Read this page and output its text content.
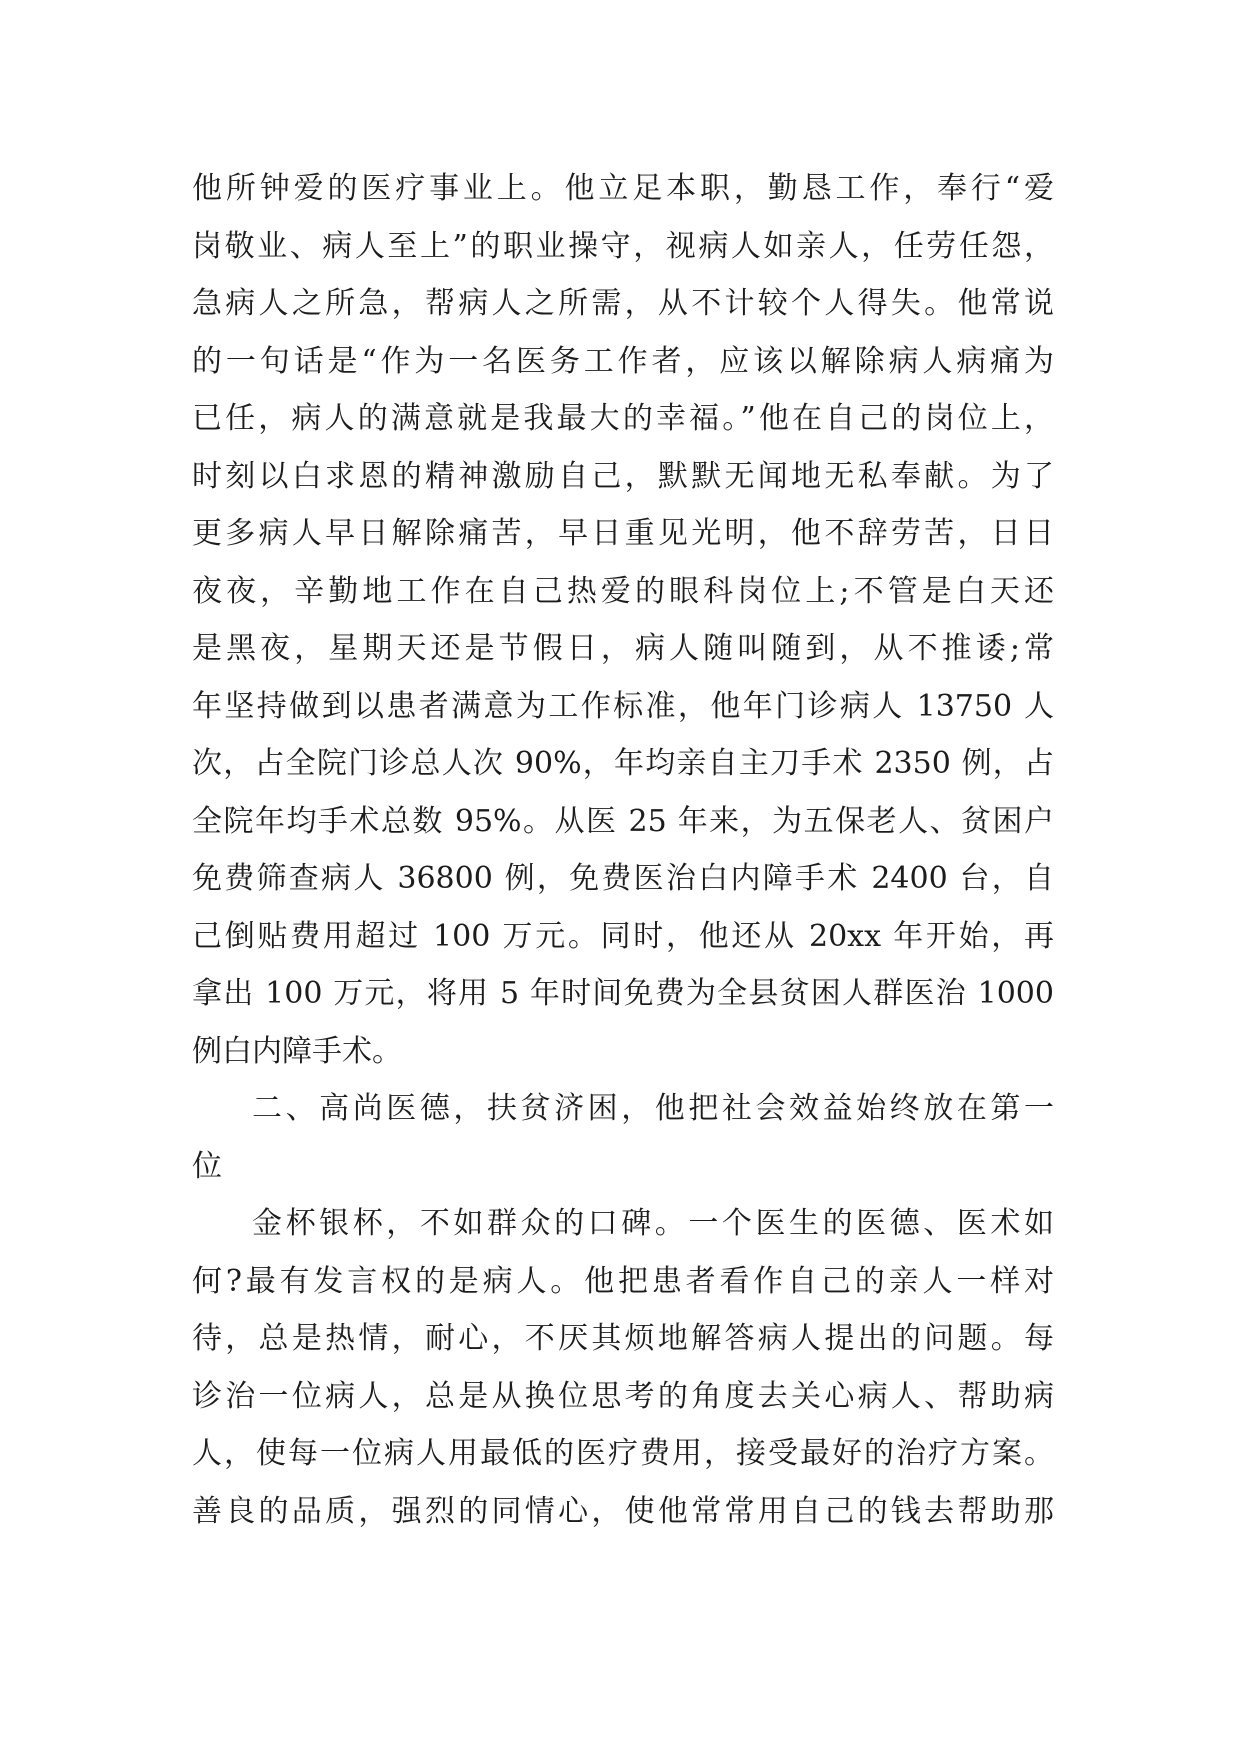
他所钟爱的医疗事业上。他立足本职，勤恳工作，奉行“爱
岗敬业、病人至上”的职业操守，视病人如亲人，任劳任怨，
急病人之所急，帮病人之所需，从不计较个人得失。他常说
的一句话是“作为一名医务工作者，应该以解除病人病痛为
已任，病人的满意就是我最大的幸福。”他在自己的岗位上，
时刻以白求恩的精神激励自己，默默无闻地无私奉献。为了
更多病人早日解除痛苦，早日重见光明，他不辞劳苦，日日
夜夜，辛勤地工作在自己热爱的眼科岗位上;不管是白天还
是黑夜，星期天还是节假日，病人随叫随到，从不推诿;常
年坚持做到以患者满意为工作标准，他年门诊病人 13750 人
次，占全院门诊总人次 90%，年均亲自主刀手术 2350 例，占
全院年均手术总数 95%。从医 25 年来，为五保老人、贫困户
免费筛查病人 36800 例，免费医治白内障手术 2400 台，自
己倒贴费用超过 100 万元。同时，他还从 20xx 年开始，再
拿出 100 万元，将用 5 年时间免费为全县贫困人群医治 1000
例白内障手术。
二、高尚医德，扶贫济困，他把社会效益始终放在第一
位
金杯银杯，不如群众的口碑。一个医生的医德、医术如
何?最有发言权的是病人。他把患者看作自己的亲人一样对
待，总是热情，耐心，不厌其烦地解答病人提出的问题。每
诊治一位病人，总是从换位思考的角度去关心病人、帮助病
人，使每一位病人用最低的医疗费用，接受最好的治疗方案。
善良的品质，强烈的同情心，使他常常用自己的钱去帮助那
